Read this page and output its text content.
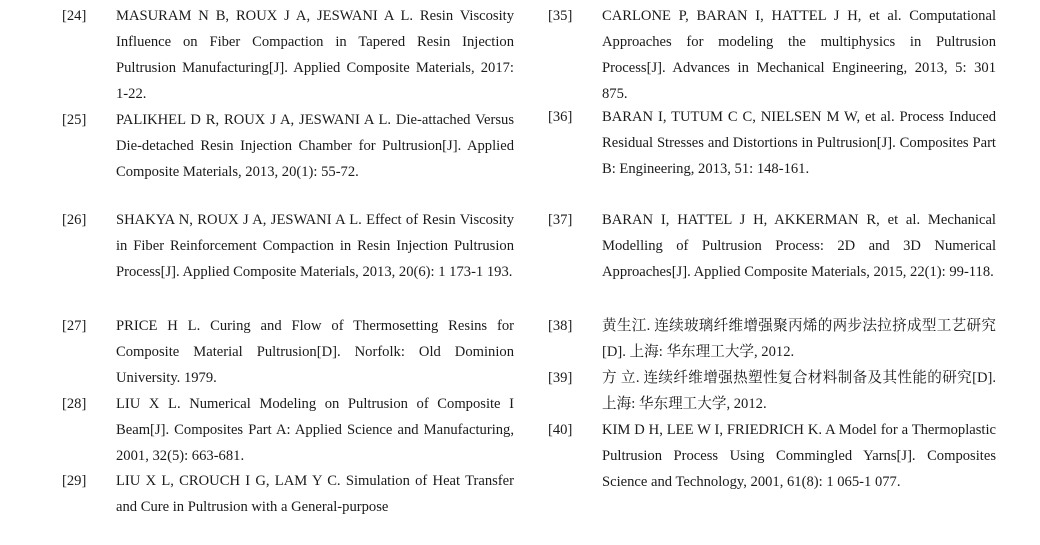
[24] MASURAM N B, ROUX J A, JESWANI A L. Resin Viscosity Influence on Fiber Compaction in Tapered Resin Injection Pultrusion Manufacturing[J]. Applied Composite Materials, 2017: 1-22.
[25] PALIKHEL D R, ROUX J A, JESWANI A L. Die-attached Versus Die-detached Resin Injection Chamber for Pultrusion[J]. Applied Composite Materials, 2013, 20(1): 55-72.
[26] SHAKYA N, ROUX J A, JESWANI A L. Effect of Resin Viscosity in Fiber Reinforcement Compaction in Resin Injection Pultrusion Process[J]. Applied Composite Materials, 2013, 20(6): 1 173-1 193.
[27] PRICE H L. Curing and Flow of Thermosetting Resins for Composite Material Pultrusion[D]. Norfolk: Old Dominion University. 1979.
[28] LIU X L. Numerical Modeling on Pultrusion of Composite I Beam[J]. Composites Part A: Applied Science and Manufacturing, 2001, 32(5): 663-681.
[29] LIU X L, CROUCH I G, LAM Y C. Simulation of Heat Transfer and Cure in Pultrusion with a General-purpose
[35] CARLONE P, BARAN I, HATTEL J H, et al. Computational Approaches for modeling the multiphysics in Pultrusion Process[J]. Advances in Mechanical Engineering, 2013, 5: 301 875.
[36] BARAN I, TUTUM C C, NIELSEN M W, et al. Process Induced Residual Stresses and Distortions in Pultrusion[J]. Composites Part B: Engineering, 2013, 51: 148-161.
[37] BARAN I, HATTEL J H, AKKERMAN R, et al. Mechanical Modelling of Pultrusion Process: 2D and 3D Numerical Approaches[J]. Applied Composite Materials, 2015, 22(1): 99-118.
[38] 黄生江. 连续玻璃纤维增强聚丙烯的两步法拉挤成型工艺研究[D]. 上海: 华东理工大学, 2012.
[39] 方 立. 连续纤维增强热塑性复合材料制备及其性能的研究[D]. 上海: 华东理工大学, 2012.
[40] KIM D H, LEE W I, FRIEDRICH K. A Model for a Thermoplastic Pultrusion Process Using Commingled Yarns[J]. Composites Science and Technology, 2001, 61(8): 1 065-1 077.
